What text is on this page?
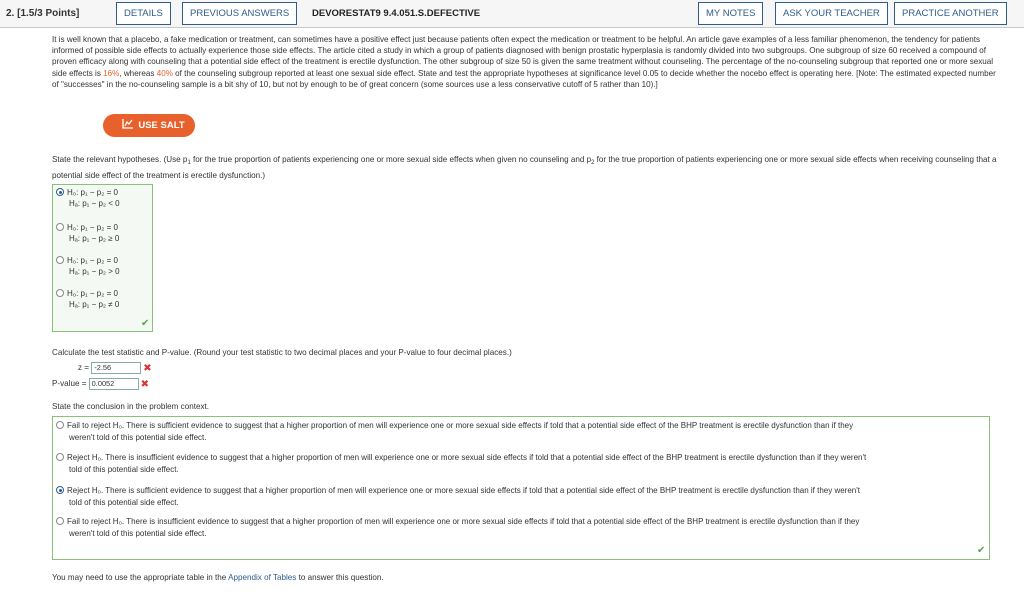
2. [1.5/3 Points]	DETAILS	PREVIOUS ANSWERS	DEVORESTAT9 9.4.051.S.DEFECTIVE	MY NOTES	ASK YOUR TEACHER	PRACTICE ANOTHER

It is well known that a placebo, a fake medication or treatment, can sometimes have a positive effect just because patients often expect the medication or treatment to be helpful. An article gave examples of a less familiar phenomenon, the tendency for patients informed of possible side effects to actually experience those side effects. The article cited a study in which a group of patients diagnosed with benign prostatic hyperplasia is randomly divided into two subgroups. One subgroup of size 60 received a compound of proven efficacy along with counseling that a potential side effect of the treatment is erectile dysfunction. The other subgroup of size 50 is given the same treatment without counseling. The percentage of the no-counseling subgroup that reported one or more sexual side effects is 16%, whereas 40% of the counseling subgroup reported at least one sexual side effect. State and test the appropriate hypotheses at significance level 0.05 to decide whether the nocebo effect is operating here. [Note: The estimated expected number of "successes" in the no-counseling sample is a bit shy of 10, but not by enough to be of great concern (some sources use a less conservative cutoff of 5 rather than 10).]

USE SALT
State the relevant hypotheses. (Use $p_1$ for the true proportion of patients experiencing one or more sexual side effects when given no counseling and $p_2$ for the true proportion of patients experiencing one or more sexual side effects when receiving counseling that a potential side effect of the treatment is erectile dysfunction.)
H₀: p₁ − p₂ = 0
Hₐ: p₁ − p₂ < 0
H₀: p₁ − p₂ = 0
Hₐ: p₁ − p₂ ≥ 0
H₀: p₁ − p₂ = 0
Hₐ: p₁ − p₂ > 0
H₀: p₁ − p₂ = 0
Hₐ: p₁ − p₂ ≠ 0
✔
Calculate the test statistic and P-value. (Round your test statistic to two decimal places and your P-value to four decimal places.)
z = -2.56	✖
P-value = 0.0052	✖
State the conclusion in the problem context.
Fail to reject H₀. There is sufficient evidence to suggest that a higher proportion of men will experience one or more sexual side effects if told that a potential side effect of the BHP treatment is erectile dysfunction than if they
weren't told of this potential side effect.
Reject H₀. There is insufficient evidence to suggest that a higher proportion of men will experience one or more sexual side effects if told that a potential side effect of the BHP treatment is erectile dysfunction than if they weren't
told of this potential side effect.
Reject H₀. There is sufficient evidence to suggest that a higher proportion of men will experience one or more sexual side effects if told that a potential side effect of the BHP treatment is erectile dysfunction than if they weren't
told of this potential side effect.
Fail to reject H₀. There is insufficient evidence to suggest that a higher proportion of men will experience one or more sexual side effects if told that a potential side effect of the BHP treatment is erectile dysfunction than if they
weren't told of this potential side effect.
✔
You may need to use the appropriate table in the Appendix of Tables to answer this question.
